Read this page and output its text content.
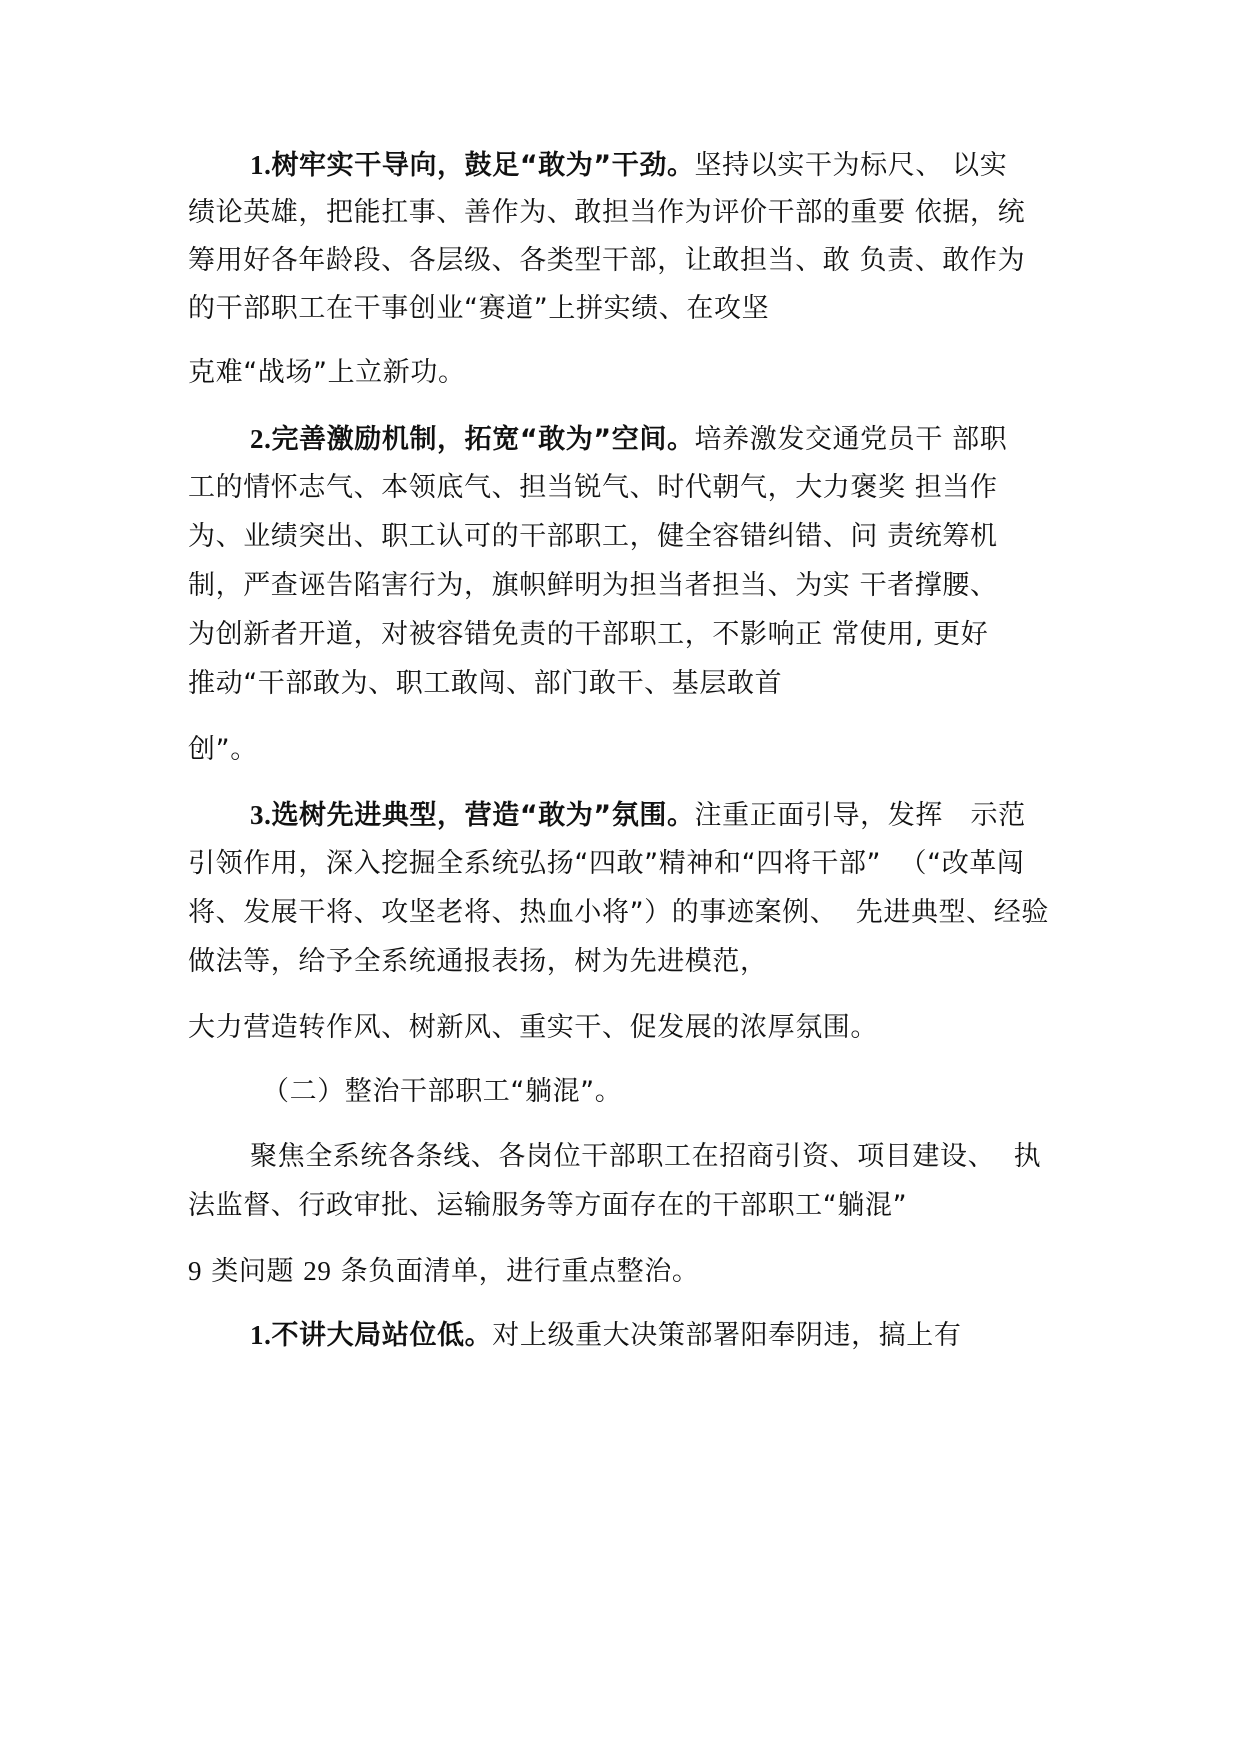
1.树牢实干导向，鼓足“敢为”干劲。坚持以实干为标尺、 以实
绩论英雄，把能扛事、善作为、敢担当作为评价干部的重要 依据，统
筹用好各年龄段、各层级、各类型干部，让敢担当、敢 负责、敢作为
的干部职工在干事创业“赛道”上拼实绩、在攻坚
克难“战场”上立新功。
2.完善激励机制，拓宽“敢为”空间。培养激发交通党员干 部职
工的情怀志气、本领底气、担当锐气、时代朝气，大力褒奖 担当作
为、业绩突出、职工认可的干部职工，健全容错纠错、问 责统筹机
制，严查诬告陷害行为，旗帜鲜明为担当者担当、为实 干者撑腰、
为创新者开道，对被容错免责的干部职工，不影响正 常使用, 更好
推动“干部敢为、职工敢闯、部门敢干、基层敢首
创”。
3.选树先进典型，营造“敢为”氛围。注重正面引导，发挥   示范
引领作用，深入挖掘全系统弘扬“四敢”精神和“四将干部”  （“改革闯
将、发展干将、攻坚老将、热血小将”）的事迹案例、  先进典型、经验
做法等，给予全系统通报表扬，树为先进模范，
大力营造转作风、树新风、重实干、促发展的浓厚氛围。
（二）整治干部职工“躺混”。
聚焦全系统各条线、各岗位干部职工在招商引资、项目建设、  执
法监督、行政审批、运输服务等方面存在的干部职工“躺混”
9 类问题 29 条负面清单，进行重点整治。
1.不讲大局站位低。对上级重大决策部署阳奉阴违，搞上有
